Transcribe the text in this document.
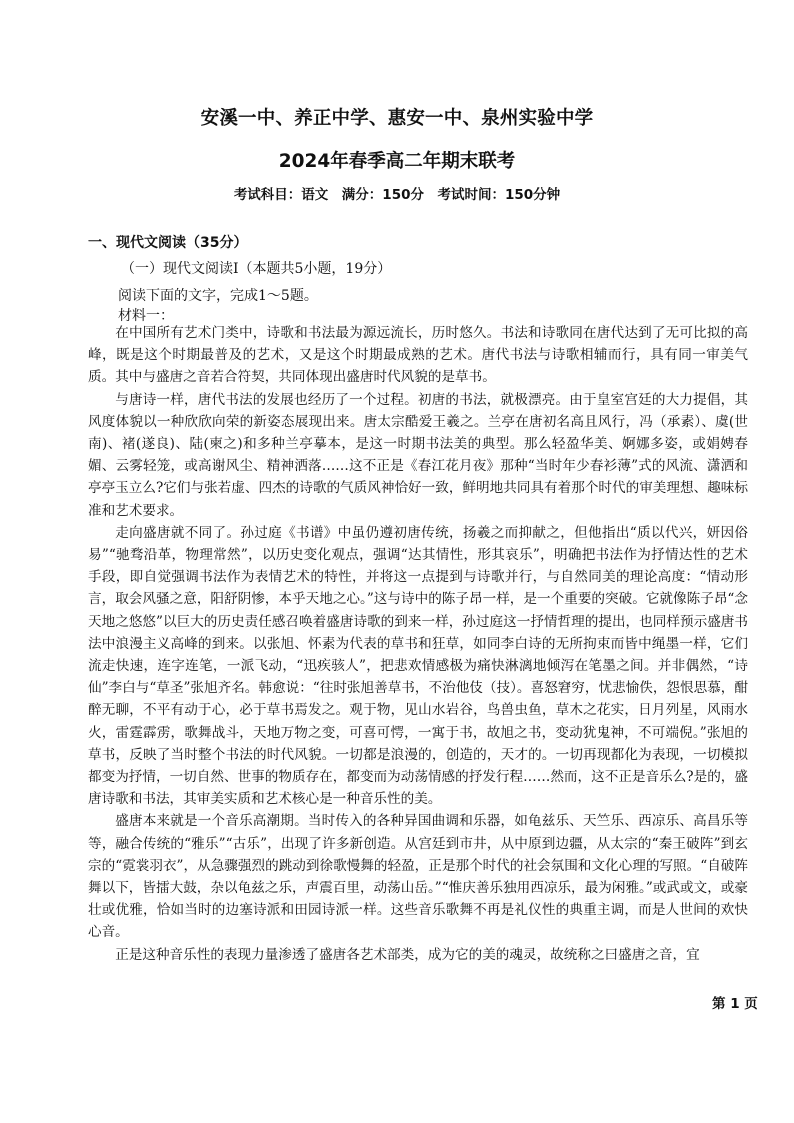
安溪一中、养正中学、惠安一中、泉州实验中学
2024年春季高二年期末联考
考试科目：语文　满分：150分　考试时间：150分钟
一、现代文阅读（35分）
（一）现代文阅读Ⅰ（本题共5小题，19分）
阅读下面的文字，完成1～5题。
材料一：

在中国所有艺术门类中，诗歌和书法最为源远流长，历时悠久。书法和诗歌同在唐代达到了无可比拟的高峰，既是这个时期最普及的艺术，又是这个时期最成熟的艺术。唐代书法与诗歌相辅而行，具有同一审美气质。其中与盛唐之音若合符契，共同体现出盛唐时代风貌的是草书。

与唐诗一样，唐代书法的发展也经历了一个过程。初唐的书法，就极漂亮。由于皇室宫廷的大力提倡，其风度体貌以一种欣欣向荣的新姿态展现出来。唐太宗酷爱王羲之。兰亭在唐初名高且风行，冯（承素）、虞(世南)、褚(遂良)、陆(柬之)和多种兰亭摹本，是这一时期书法美的典型。那么轻盈华美、婀娜多姿，或娟娉春媚、云雾轻笼，或高谢风尘、精神洒落……这不正是《春江花月夜》那种“当时年少春衫薄”式的风流、潇洒和亭亭玉立么?它们与张若虚、四杰的诗歌的气质风神恰好一致，鲜明地共同具有着那个时代的审美理想、趣味标准和艺术要求。

走向盛唐就不同了。孙过庭《书谱》中虽仍遵初唐传统，扬羲之而抑献之，但他指出“质以代兴，妍因俗易”“驰骛沿革，物理常然”，以历史变化观点，强调“达其情性，形其哀乐”，明确把书法作为抒情达性的艺术手段，即自觉强调书法作为表情艺术的特性，并将这一点提到与诗歌并行，与自然同美的理论高度：“情动形言，取会风骚之意，阳舒阴惨，本乎天地之心。”这与诗中的陈子昂一样，是一个重要的突破。它就像陈子昂“念天地之悠悠”以巨大的历史责任感召唤着盛唐诗歌的到来一样，孙过庭这一抒情哲理的提出，也同样预示盛唐书法中浪漫主义高峰的到来。以张旭、怀素为代表的草书和狂草，如同李白诗的无所拘束而皆中绳墨一样，它们流走快速，连字连笔，一派飞动，“迅疾骇人”，把悲欢情感极为痛快淋漓地倾泻在笔墨之间。并非偶然，“诗仙”李白与“草圣”张旭齐名。韩愈说：“往时张旭善草书，不治他伎（技）。喜怒窘穷，忧悲愉佚，怨恨思慕，酣醉无聊，不平有动于心，必于草书焉发之。观于物，见山水岩谷，鸟兽虫鱼，草木之花实，日月列星，风雨水火，雷霆霹雳，歌舞战斗，天地万物之变，可喜可愕，一寓于书，故旭之书，变动犹鬼神，不可端倪。”张旭的草书，反映了当时整个书法的时代风貌。一切都是浪漫的，创造的，天才的。一切再现都化为表现，一切模拟都变为抒情，一切自然、世事的物质存在，都变而为动荡情感的抒发行程……然而，这不正是音乐么?是的，盛唐诗歌和书法，其审美实质和艺术核心是一种音乐性的美。

盛唐本来就是一个音乐高潮期。当时传入的各种异国曲调和乐器，如龟兹乐、天竺乐、西凉乐、高昌乐等等，融合传统的“雅乐”“古乐”，出现了许多新创造。从宫廷到市井，从中原到边疆，从太宗的“秦王破阵”到玄宗的“霓裳羽衣”，从急骤强烈的跳动到徐歌慢舞的轻盈，正是那个时代的社会氛围和文化心理的写照。“自破阵舞以下，皆擂大鼓，杂以龟兹之乐，声震百里，动荡山岳。”“惟庆善乐独用西凉乐，最为闲雅。”或武或文，或豪壮或优雅，恰如当时的边塞诗派和田园诗派一样。这些音乐歌舞不再是礼仪性的典重主调，而是人世间的欢快心音。

正是这种音乐性的表现力量渗透了盛唐各艺术部类，成为它的美的魂灵，故统称之曰盛唐之音，宜

第 1 页
